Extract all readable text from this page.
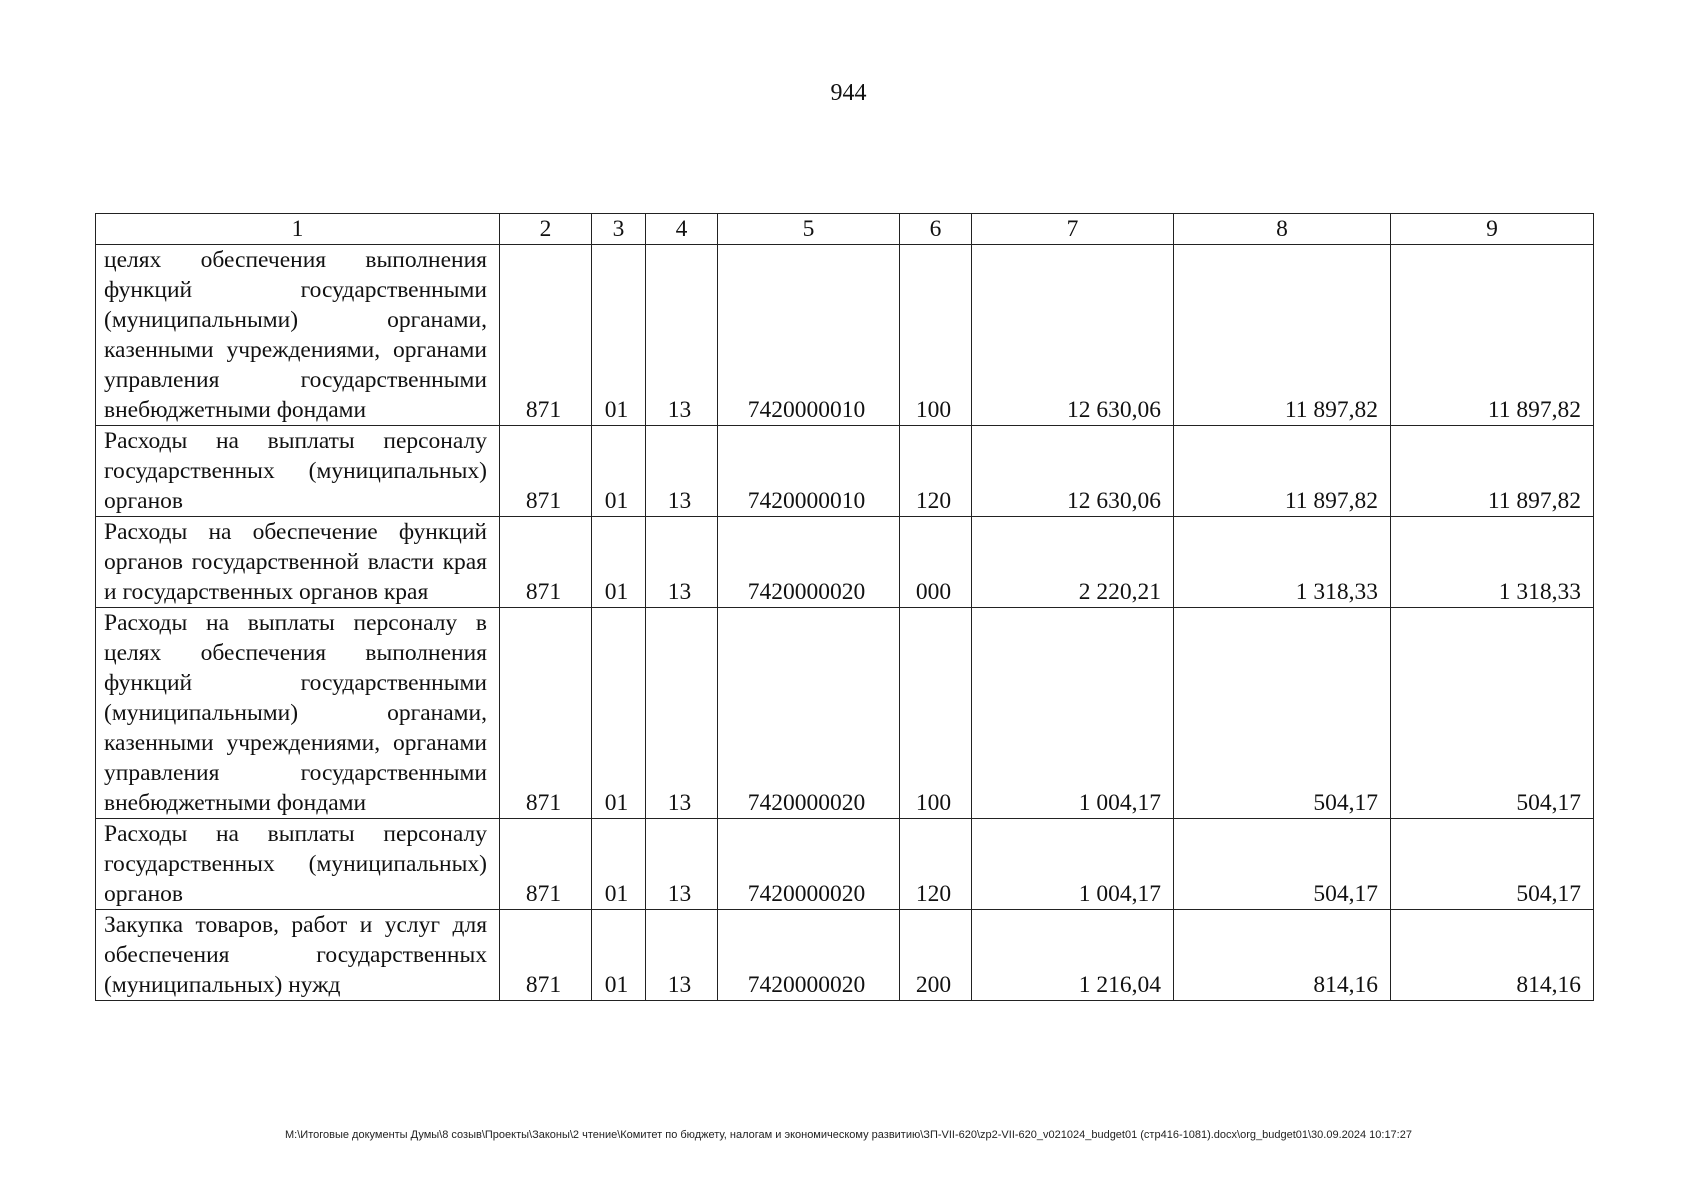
944
1	2	3	4	5	6	7	8	9
целях обеспечения выполнения функций государственными (муниципальными) органами, казенными учреждениями, органами управления государственными внебюджетными фондами	871	01	13	7420000010	100	12 630,06	11 897,82	11 897,82
Расходы на выплаты персоналу государственных (муниципальных) органов	871	01	13	7420000010	120	12 630,06	11 897,82	11 897,82
Расходы на обеспечение функций органов государственной власти края и государственных органов края	871	01	13	7420000020	000	2 220,21	1 318,33	1 318,33
Расходы на выплаты персоналу в целях обеспечения выполнения функций государственными (муниципальными) органами, казенными учреждениями, органами управления государственными внебюджетными фондами	871	01	13	7420000020	100	1 004,17	504,17	504,17
Расходы на выплаты персоналу государственных (муниципальных) органов	871	01	13	7420000020	120	1 004,17	504,17	504,17
Закупка товаров, работ и услуг для обеспечения государственных (муниципальных) нужд	871	01	13	7420000020	200	1 216,04	814,16	814,16
M:\Итоговые документы Думы\8 созыв\Проекты\Законы\2 чтение\Комитет по бюджету, налогам и экономическому развитию\ЗП-VII-620\zp2-VII-620_v021024_budget01 (стр416-1081).docx\org_budget01\30.09.2024 10:17:27
